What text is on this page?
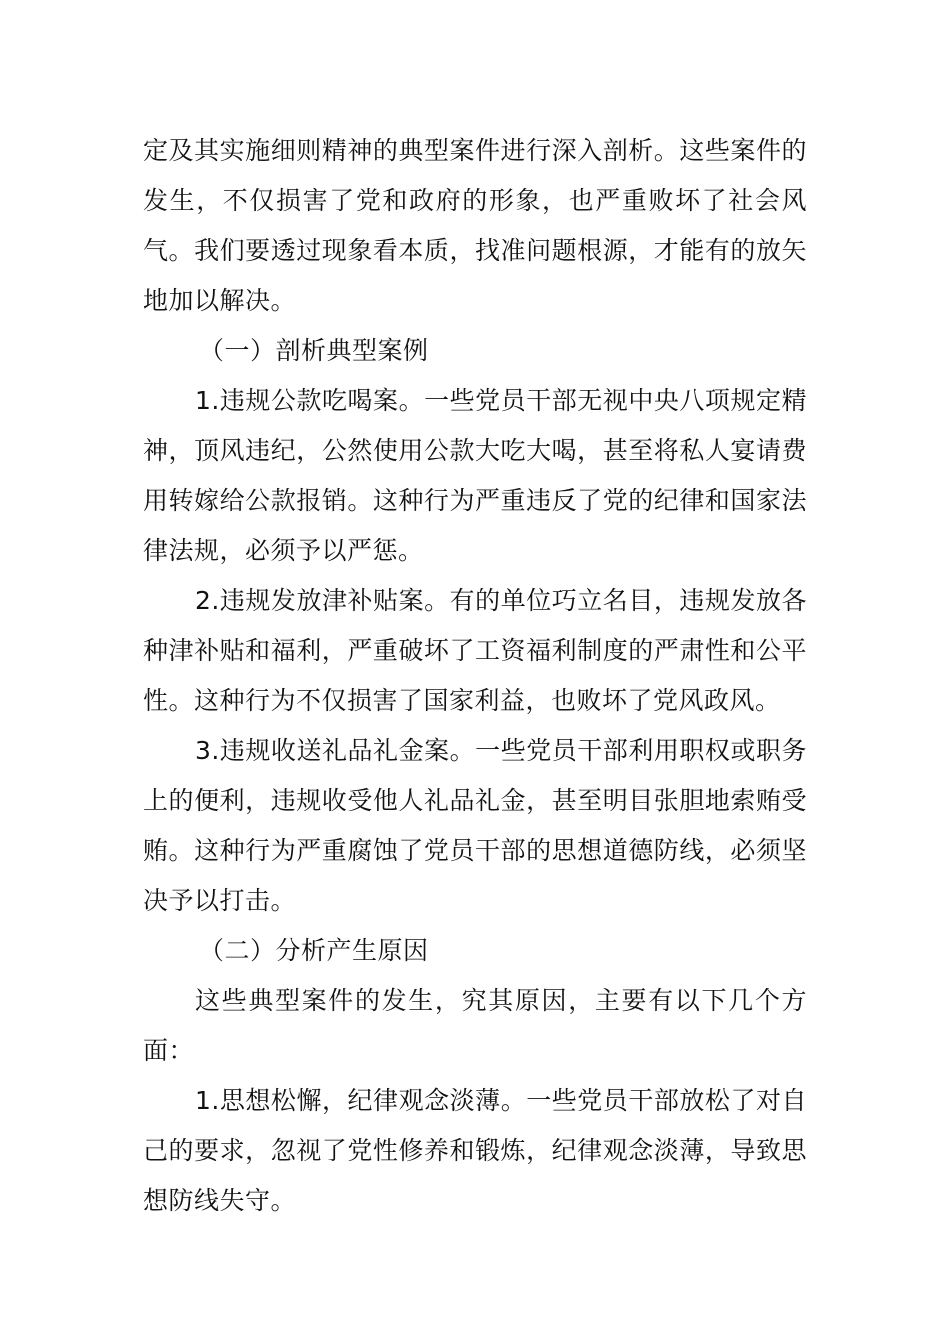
定及其实施细则精神的典型案件进行深入剖析。这些案件的发生，不仅损害了党和政府的形象，也严重败坏了社会风气。我们要透过现象看本质，找准问题根源，才能有的放矢地加以解决。

（一）剖析典型案例

1.违规公款吃喝案。一些党员干部无视中央八项规定精神，顶风违纪，公然使用公款大吃大喝，甚至将私人宴请费用转嫁给公款报销。这种行为严重违反了党的纪律和国家法律法规，必须予以严惩。

2.违规发放津补贴案。有的单位巧立名目，违规发放各种津补贴和福利，严重破坏了工资福利制度的严肃性和公平性。这种行为不仅损害了国家利益，也败坏了党风政风。

3.违规收送礼品礼金案。一些党员干部利用职权或职务上的便利，违规收受他人礼品礼金，甚至明目张胆地索贿受贿。这种行为严重腐蚀了党员干部的思想道德防线，必须坚决予以打击。

（二）分析产生原因

这些典型案件的发生，究其原因，主要有以下几个方面：

1.思想松懈，纪律观念淡薄。一些党员干部放松了对自己的要求，忽视了党性修养和锻炼，纪律观念淡薄，导致思想防线失守。
